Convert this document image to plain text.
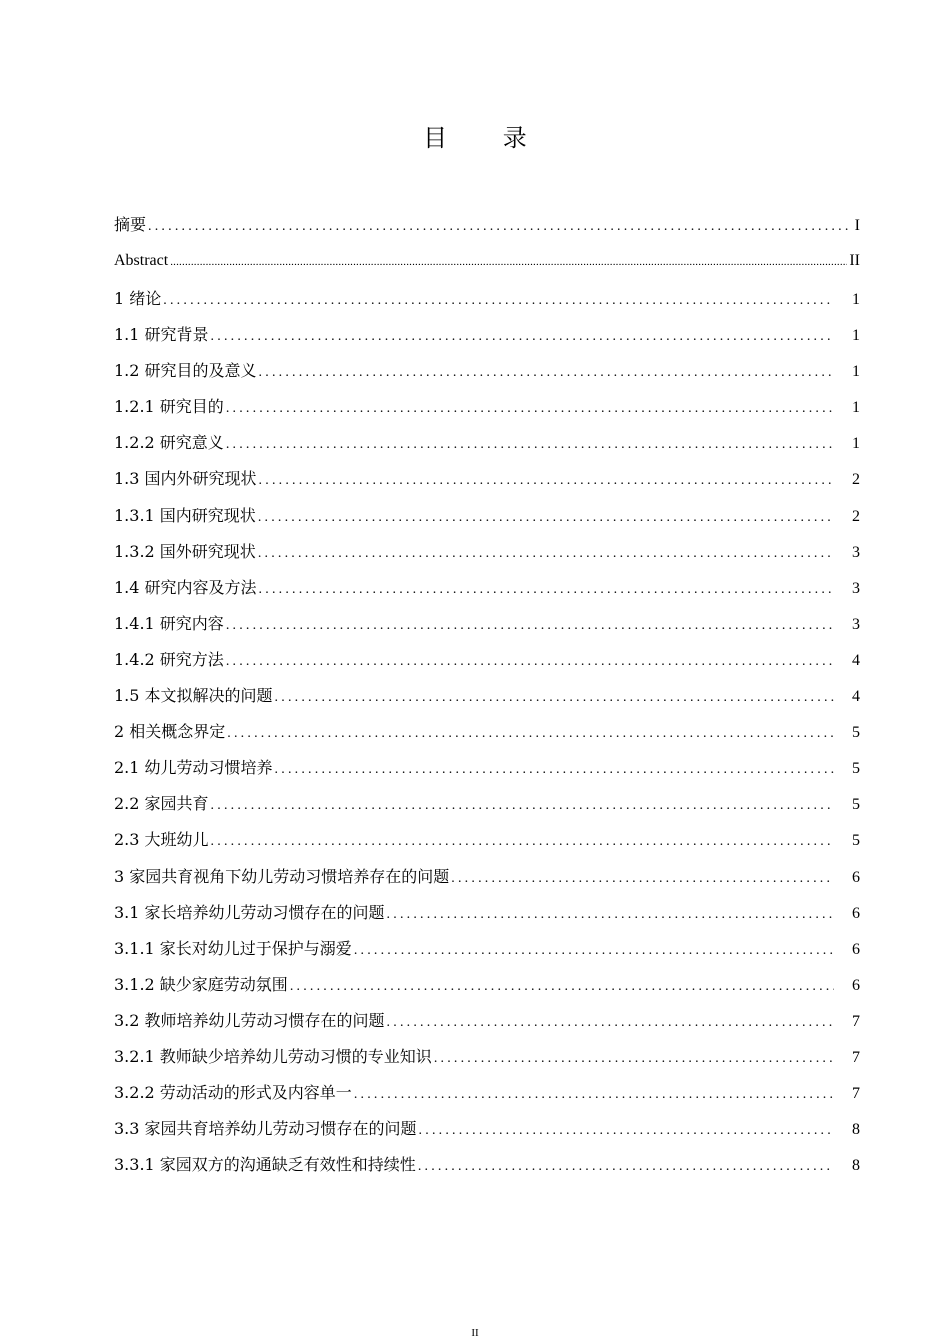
目 录
摘要 .....	I
Abstract .....	II
1 绪论 .....	1
1.1 研究背景 .....	1
1.2 研究目的及意义 .....	1
1.2.1 研究目的 .....	1
1.2.2 研究意义 .....	1
1.3 国内外研究现状 .....	2
1.3.1 国内研究现状 .....	2
1.3.2 国外研究现状 .....	3
1.4 研究内容及方法 .....	3
1.4.1 研究内容 .....	3
1.4.2 研究方法 .....	4
1.5 本文拟解决的问题 .....	4
2 相关概念界定 .....	5
2.1 幼儿劳动习惯培养 .....	5
2.2 家园共育 .....	5
2.3 大班幼儿 .....	5
3 家园共育视角下幼儿劳动习惯培养存在的问题 .....	6
3.1 家长培养幼儿劳动习惯存在的问题 .....	6
3.1.1 家长对幼儿过于保护与溺爱 .....	6
3.1.2 缺少家庭劳动氛围 .....	6
3.2 教师培养幼儿劳动习惯存在的问题 .....	7
3.2.1 教师缺少培养幼儿劳动习惯的专业知识 .....	7
3.2.2 劳动活动的形式及内容单一 .....	7
3.3 家园共育培养幼儿劳动习惯存在的问题 .....	8
3.3.1 家园双方的沟通缺乏有效性和持续性 .....	8
II
